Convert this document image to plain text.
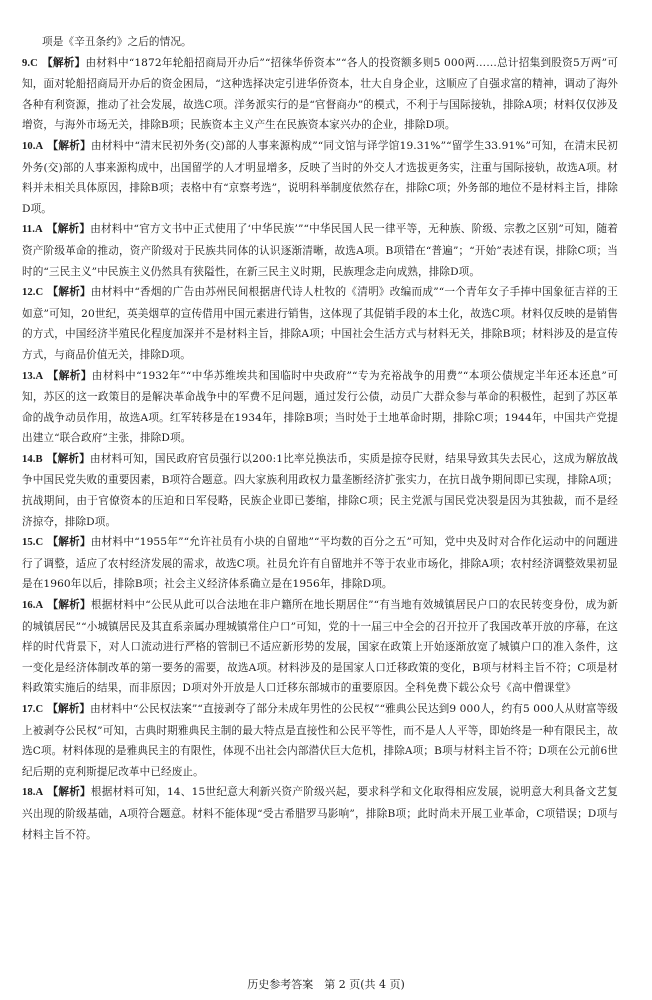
项是《辛丑条约》之后的情况。

9.C 【解析】由材料中“1872年轮船招商局开办后”“招徕华侨资本”“各人的投资额多则5 000两……总计招集到股资5万两”可知，面对轮船招商局开办后的资金困局，“这种选择决定引进华侨资本，壮大自身企业，这顺应了自强求富的精神，调动了海外各种有利资源，推动了社会发展，故选C项。洋务派实行的是“官督商办”的模式，不利于与国际接轨，排除A项；材料仅仅涉及增资，与海外市场无关，排除B项；民族资本主义产生在民族资本家兴办的企业，排除D项。

10.A 【解析】由材料中“清末民初外务(交)部的人事来源构成”“同文馆与译学馆19.31%”“留学生33.91%”可知，在清末民初外务(交)部的人事来源构成中，出国留学的人才明显增多，反映了当时的外交人才选拔更务实，注重与国际接轨，故选A项。材料并未相关具体原因，排除B项；表格中有“京察考选”，说明科举制度依然存在，排除C项；外务部的地位不是材料主旨，排除D项。

11.A 【解析】由材料中“官方文书中正式使用了‘中华民族’”“中华民国人民一律平等，无种族、阶级、宗教之区别”可知，随着资产阶级革命的推动，资产阶级对于民族共同体的认识逐渐清晰，故选A项。B项错在“普遍”；“开始”表述有误，排除C项；当时的“三民主义”中民族主义仍然具有狭隘性，在新三民主义时期，民族理念走向成熟，排除D项。

12.C 【解析】由材料中“香烟的广告由苏州民间根据唐代诗人杜牧的《清明》改编而成”“一个青年女子手捧中国象征吉祥的王如意”可知，20世纪，英美烟草的宣传借用中国元素进行销售，这体现了其促销手段的本土化，故选C项。材料仅反映的是销售的方式，中国经济半殖民化程度加深并不是材料主旨，排除A项；中国社会生活方式与材料无关，排除B项；材料涉及的是宣传方式，与商品价值无关，排除D项。

13.A 【解析】由材料中“1932年”“中华苏维埃共和国临时中央政府”“专为充裕战争的用费”“本项公债规定半年还本还息”可知，苏区的这一政策目的是解决革命战争中的军费不足问题，通过发行公债，动员广大群众参与革命的积极性，起到了苏区革命的战争动员作用，故选A项。红军转移是在1934年，排除B项；当时处于土地革命时期，排除C项；1944年，中国共产党提出建立“联合政府”主张，排除D项。

14.B 【解析】由材料可知，国民政府官员强行以200:1比率兑换法币，实质是掠夺民财，结果导致其失去民心，这成为解放战争中国民党失败的重要因素，B项符合题意。四大家族利用政权力量垄断经济扩张实力，在抗日战争期间即已实现，排除A项；抗战期间，由于官僚资本的压迫和日军侵略，民族企业即已萎缩，排除C项；民主党派与国民党决裂是因为其独裁，而不是经济掠夺，排除D项。

15.C 【解析】由材料中“1955年”“允许社员有小块的自留地”“平均数的百分之五”可知，党中央及时对合作化运动中的问题进行了调整，适应了农村经济发展的需求，故选C项。社员允许有自留地并不等于农业市场化，排除A项；农村经济调整效果初显是在1960年以后，排除B项；社会主义经济体系确立是在1956年，排除D项。

16.A 【解析】根据材料中“公民从此可以合法地在非户籍所在地长期居住”“有当地有效城镇居民户口的农民转变身份，成为新的城镇居民”“小城镇居民及其直系亲属办理城镇常住户口”可知，党的十一届三中全会的召开拉开了我国改革开放的序幕，在这样的时代背景下，对人口流动进行严格的管制已不适应新形势的发展，国家在政策上开始逐渐放宽了城镇户口的准入条件，这一变化是经济体制改革的第一要务的需要，故选A项。材料涉及的是国家人口迁移政策的变化，B项与材料主旨不符；C项是材料政策实施后的结果，而非原因；D项对外开放是人口迁移东部城市的重要原因。全科免费下载公众号《高中僧课堂》

17.C 【解析】由材料中“公民权法案”“直接剥夺了部分未成年男性的公民权”“雅典公民达到9 000人，约有5 000人从财富等级上被剥夺公民权”可知，古典时期雅典民主制的最大特点是直接性和公民平等性，而不是人人平等，即始终是一种有限民主，故选C项。材料体现的是雅典民主的有限性，体现不出社会内部潜伏巨大危机，排除A项；B项与材料主旨不符；D项在公元前6世纪后期的克利斯提尼改革中已经废止。

18.A 【解析】根据材料可知，14、15世纪意大利新兴资产阶级兴起，要求科学和文化取得相应发展，说明意大利具备文艺复兴出现的阶级基础，A项符合题意。材料不能体现“受古希腊罗马影响”，排除B项；此时尚未开展工业革命，C项错误；D项与材料主旨不符。

历史参考答案　第 2 页(共 4 页)
